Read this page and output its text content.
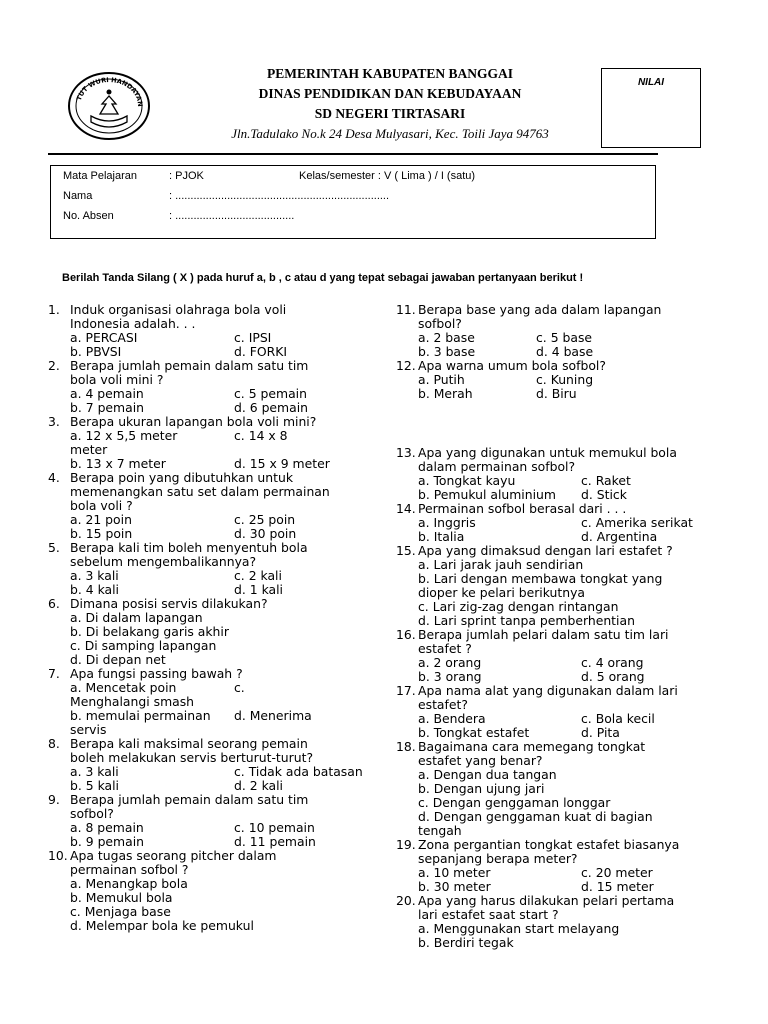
TUT WURI HANDAYAN
PEMERINTAH KABUPATEN BANGGAI
DINAS PENDIDIKAN DAN KEBUDAYAAN
SD NEGERI TIRTASARI
Jln.Tadulako No.k 24 Desa Mulyasari, Kec. Toili Jaya 94763
NILAI
Mata Pelajaran	: PJOK	Kelas/semester : V ( Lima ) / I (satu)
Nama	: ......................................................................
No. Absen	: .......................................
Berilah Tanda Silang ( X ) pada huruf a, b , c atau d yang tepat sebagai jawaban pertanyaan berikut !
1. Induk organisasi olahraga bola voli
Indonesia adalah. . .
a. PERCASI	c. IPSI
b. PBVSI	d. FORKI
2. Berapa jumlah pemain dalam satu tim
bola voli mini ?
a. 4 pemain	c. 5 pemain
b. 7 pemain	d. 6 pemain
3. Berapa ukuran lapangan bola voli mini?
a. 12 x 5,5 meter	c. 14 x 8
meter
b. 13 x 7 meter	d. 15 x 9 meter
4. Berapa poin yang dibutuhkan untuk
memenangkan satu set dalam permainan
bola voli ?
a. 21 poin	c. 25 poin
b. 15 poin	d. 30 poin
5. Berapa kali tim boleh menyentuh bola
sebelum mengembalikannya?
a. 3 kali	c. 2 kali
b. 4 kali	d. 1 kali
6. Dimana posisi servis dilakukan?
a. Di dalam lapangan
b. Di belakang garis akhir
c. Di samping lapangan
d. Di depan net
7. Apa fungsi passing bawah ?
a. Mencetak poin	c.
Menghalangi smash
b. memulai permainan d. Menerima
servis
8. Berapa kali maksimal seorang pemain
boleh melakukan servis berturut-turut?
a. 3 kali	c. Tidak ada batasan
b. 5 kali	d. 2 kali
9. Berapa jumlah pemain dalam satu tim
sofbol?
a. 8 pemain	c. 10 pemain
b. 9 pemain	d. 11 pemain
10. Apa tugas seorang pitcher dalam
permainan sofbol ?
a. Menangkap bola
b. Memukul bola
c. Menjaga base
d. Melempar bola ke pemukul
11. Berapa base yang ada dalam lapangan
sofbol?
a. 2 base	c. 5 base
b. 3 base	d. 4 base
12. Apa warna umum bola sofbol?
a. Putih	c. Kuning
b. Merah	d. Biru
13. Apa yang digunakan untuk memukul bola
dalam permainan sofbol?
a. Tongkat kayu	c. Raket
b. Pemukul aluminium d. Stick
14. Permainan sofbol berasal dari . . .
a. Inggris	c. Amerika serikat
b. Italia	d. Argentina
15. Apa yang dimaksud dengan lari estafet ?
a. Lari jarak jauh sendirian
b. Lari dengan membawa tongkat yang
dioper ke pelari berikutnya
c. Lari zig-zag dengan rintangan
d. Lari sprint tanpa pemberhentian
16. Berapa jumlah pelari dalam satu tim lari
estafet ?
a. 2 orang	c. 4 orang
b. 3 orang	d. 5 orang
17. Apa nama alat yang digunakan dalam lari
estafet?
a. Bendera	c. Bola kecil
b. Tongkat estafet	d. Pita
18. Bagaimana cara memegang tongkat
estafet yang benar?
a. Dengan dua tangan
b. Dengan ujung jari
c. Dengan genggaman longgar
d. Dengan genggaman kuat di bagian
tengah
19. Zona pergantian tongkat estafet biasanya
sepanjang berapa meter?
a. 10 meter	c. 20 meter
b. 30 meter	d. 15 meter
20. Apa yang harus dilakukan pelari pertama
lari estafet saat start ?
a. Menggunakan start melayang
b. Berdiri tegak
